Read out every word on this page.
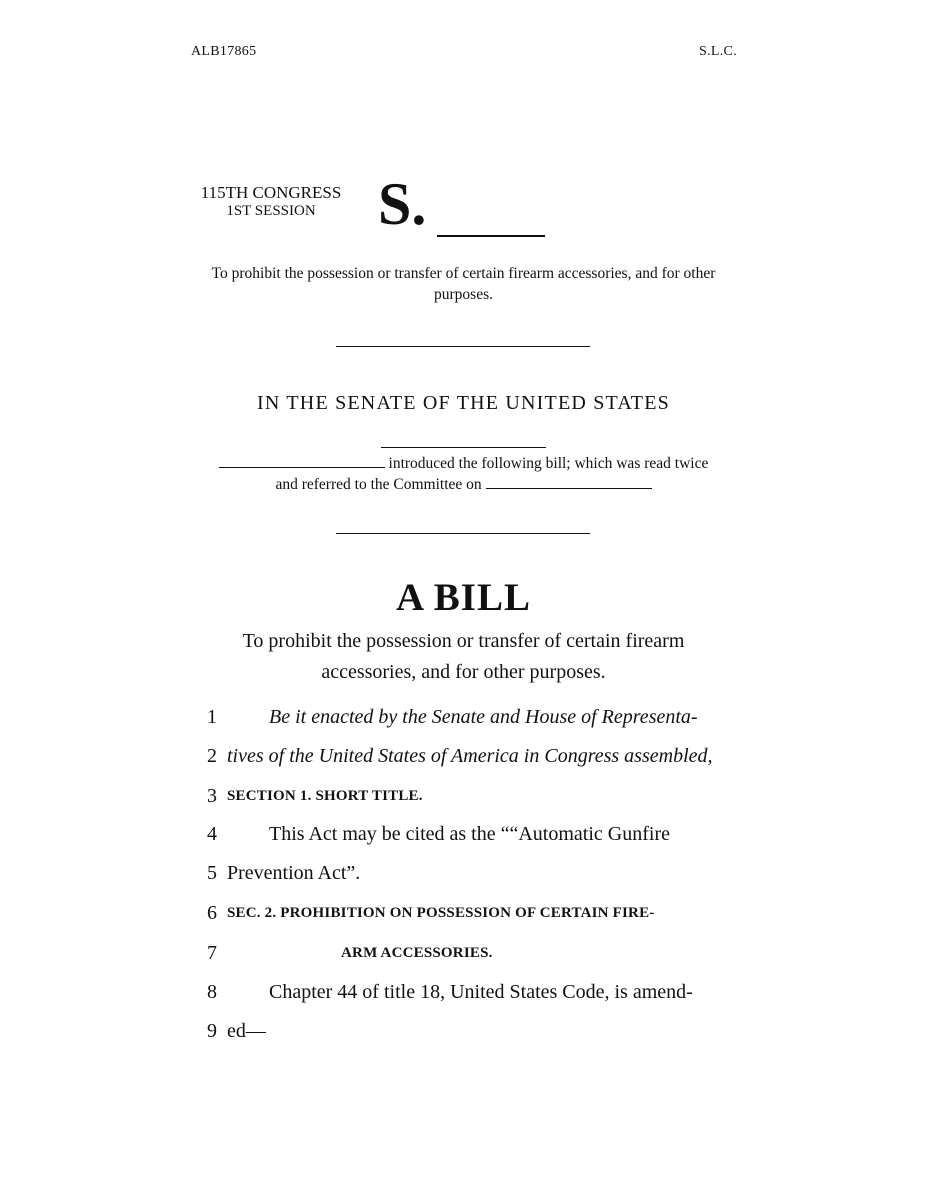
ALB17865	S.L.C.
115TH CONGRESS
1ST SESSION	S.
To prohibit the possession or transfer of certain firearm accessories, and for other purposes.
IN THE SENATE OF THE UNITED STATES
introduced the following bill; which was read twice
and referred to the Committee on
A BILL
To prohibit the possession or transfer of certain firearm
accessories, and for other purposes.
1	Be it enacted by the Senate and House of Representa-
2 tives of the United States of America in Congress assembled,
3 SECTION 1. SHORT TITLE.
4	This Act may be cited as the ““Automatic Gunfire
5 Prevention Act”.
6 SEC. 2. PROHIBITION ON POSSESSION OF CERTAIN FIRE-
7	ARM ACCESSORIES.
8	Chapter 44 of title 18, United States Code, is amend-
9 ed—
